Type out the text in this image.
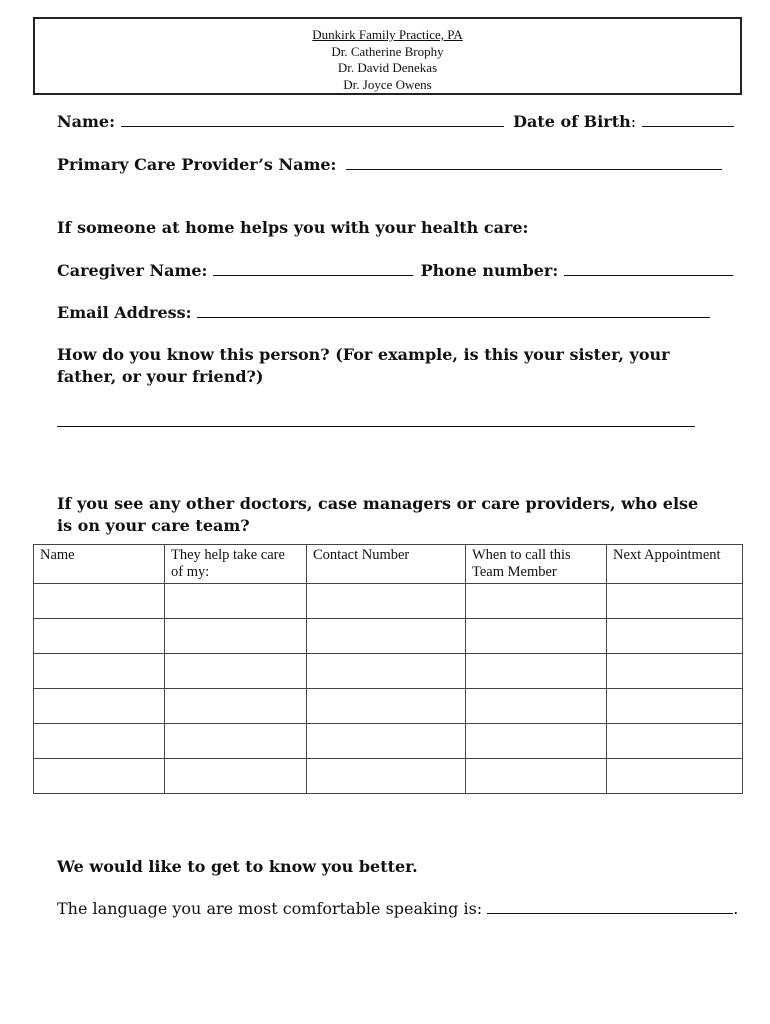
Dunkirk Family Practice, PA
Dr. Catherine Brophy
Dr. David Denekas
Dr. Joyce Owens
Name:	Date of Birth:
Primary Care Provider’s Name:
If someone at home helps you with your health care:
Caregiver Name:	Phone number:
Email Address:
How do you know this person? (For example, is this your sister, your father, or your friend?)
If you see any other doctors, case managers or care providers, who else is on your care team?
Name	They help take care of my:	Contact Number	When to call this Team Member	Next Appointment

We would like to get to know you better.
The language you are most comfortable speaking is:	.
